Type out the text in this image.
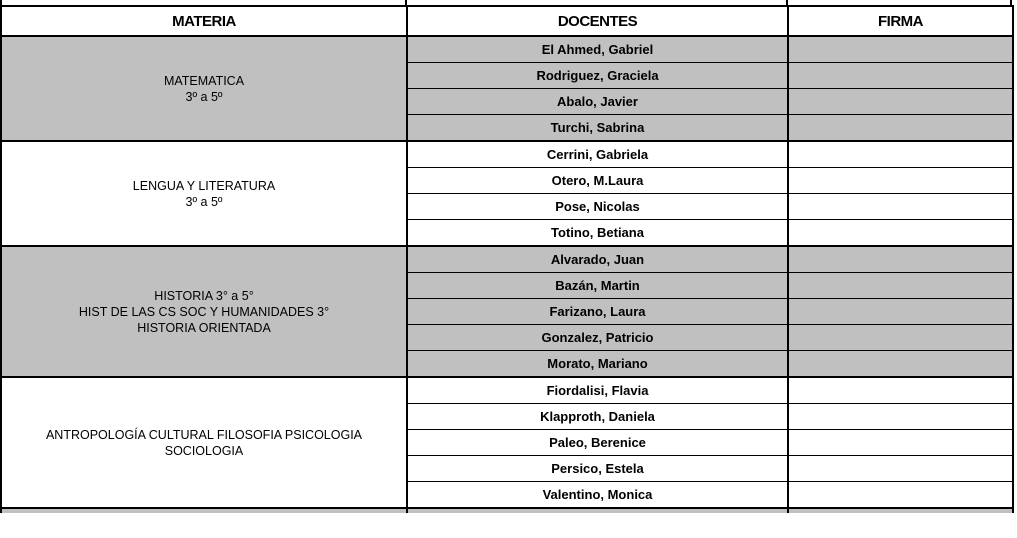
MATERIA	DOCENTES	FIRMA
MATEMATICA
3º a 5º	El Ahmed, Gabriel	
	Rodriguez, Graciela	
	Abalo, Javier	
	Turchi, Sabrina	
LENGUA Y LITERATURA
3º a 5º	Cerrini, Gabriela	
	Otero, M.Laura	
	Pose, Nicolas	
	Totino, Betiana	
HISTORIA 3° a 5°
HIST DE LAS CS SOC Y HUMANIDADES 3°
HISTORIA ORIENTADA	Alvarado, Juan	
	Bazán, Martin	
	Farizano, Laura	
	Gonzalez, Patricio	
	Morato, Mariano	
ANTROPOLOGÍA CULTURAL FILOSOFIA PSICOLOGIA
SOCIOLOGIA	Fiordalisi, Flavia	
	Klapproth, Daniela	
	Paleo, Berenice	
	Persico, Estela	
	Valentino, Monica	
